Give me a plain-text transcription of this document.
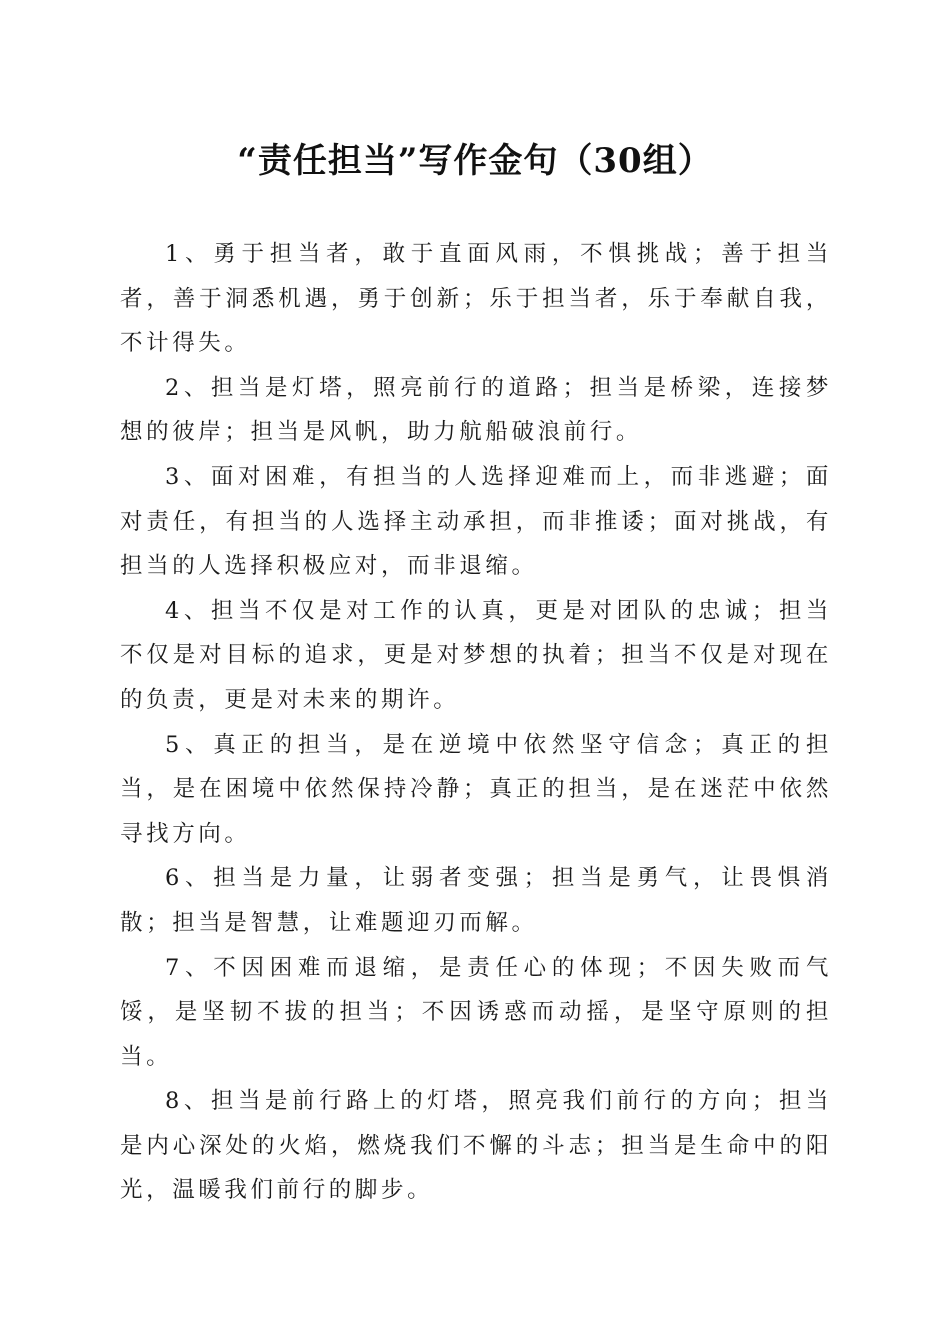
“责任担当”写作金句（30组）

1、勇于担当者，敢于直面风雨，不惧挑战；善于担当者，善于洞悉机遇，勇于创新；乐于担当者，乐于奉献自我，不计得失。

2、担当是灯塔，照亮前行的道路；担当是桥梁，连接梦想的彼岸；担当是风帆，助力航船破浪前行。

3、面对困难，有担当的人选择迎难而上，而非逃避；面对责任，有担当的人选择主动承担，而非推诿；面对挑战，有担当的人选择积极应对，而非退缩。

4、担当不仅是对工作的认真，更是对团队的忠诚；担当不仅是对目标的追求，更是对梦想的执着；担当不仅是对现在的负责，更是对未来的期许。

5、真正的担当，是在逆境中依然坚守信念；真正的担当，是在困境中依然保持冷静；真正的担当，是在迷茫中依然寻找方向。

6、担当是力量，让弱者变强；担当是勇气，让畏惧消散；担当是智慧，让难题迎刃而解。

7、不因困难而退缩，是责任心的体现；不因失败而气馁，是坚韧不拔的担当；不因诱惑而动摇，是坚守原则的担当。

8、担当是前行路上的灯塔，照亮我们前行的方向；担当是内心深处的火焰，燃烧我们不懈的斗志；担当是生命中的阳光，温暖我们前行的脚步。
